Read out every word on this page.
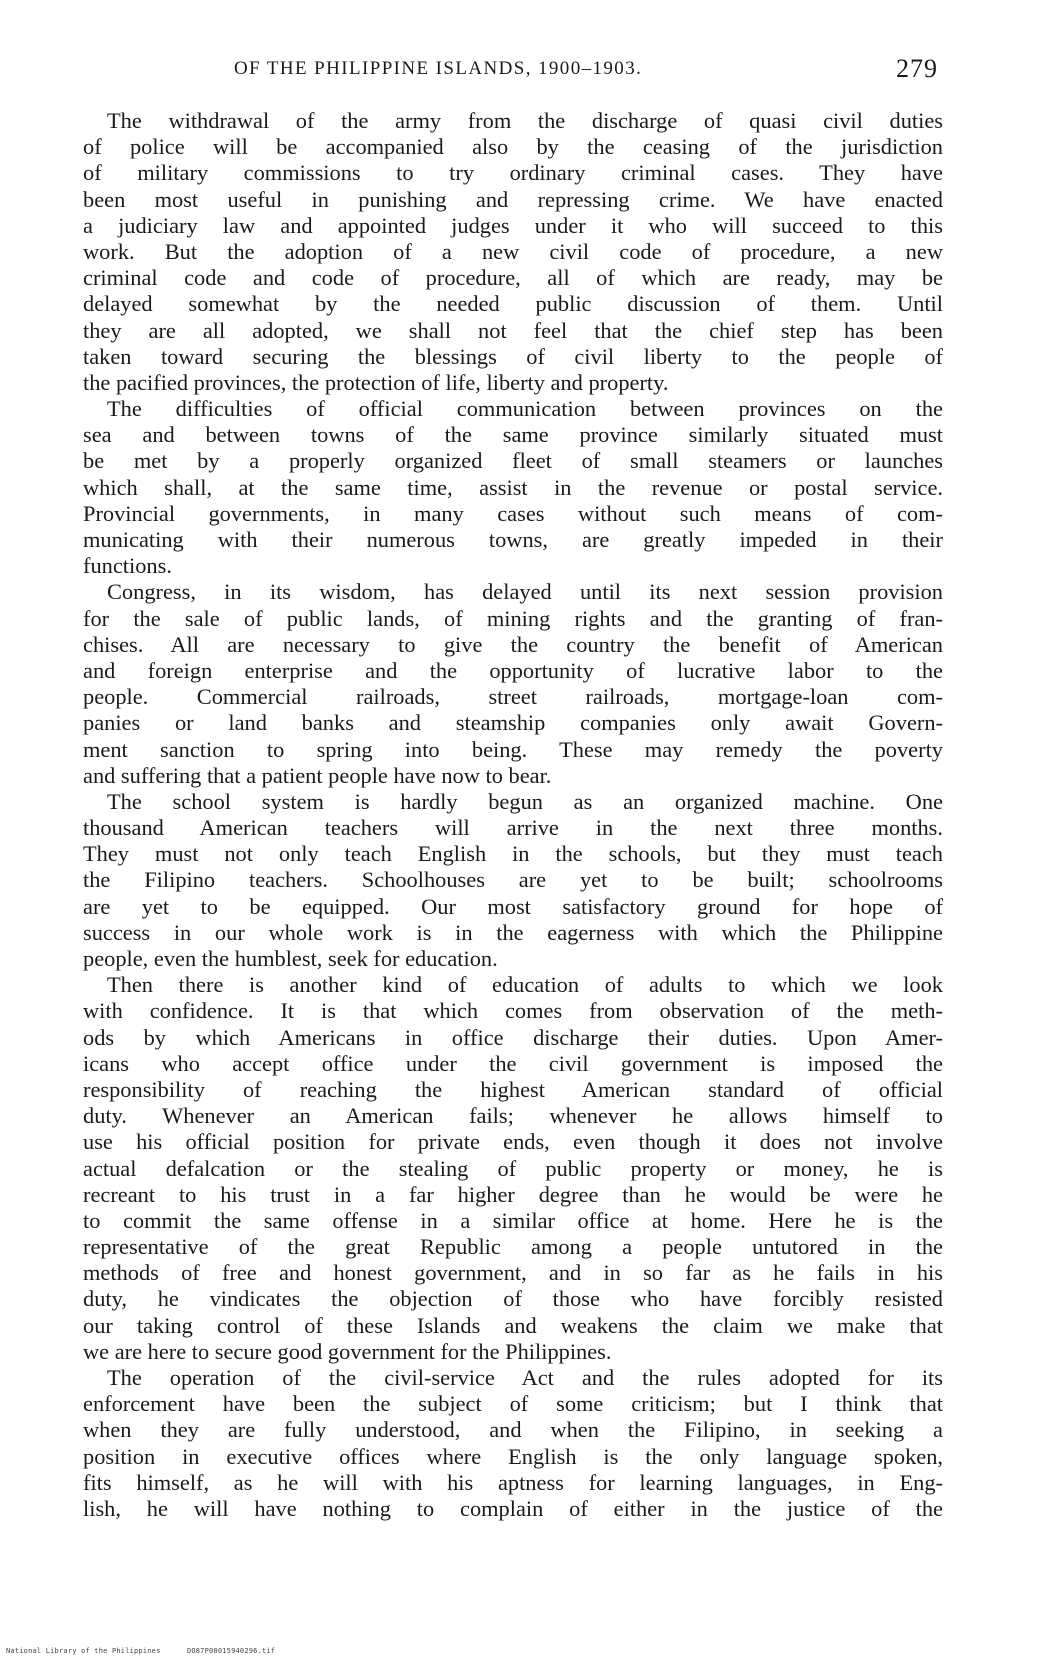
OF THE PHILIPPINE ISLANDS, 1900–1903.	279
The withdrawal of the army from the discharge of quasi civil duties
of police will be accompanied also by the ceasing of the jurisdiction
of military commissions to try ordinary criminal cases. They have
been most useful in punishing and repressing crime. We have enacted
a judiciary law and appointed judges under it who will succeed to this
work. But the adoption of a new civil code of procedure, a new
criminal code and code of procedure, all of which are ready, may be
delayed somewhat by the needed public discussion of them. Until
they are all adopted, we shall not feel that the chief step has been
taken toward securing the blessings of civil liberty to the people of
the pacified provinces, the protection of life, liberty and property.
The difficulties of official communication between provinces on the
sea and between towns of the same province similarly situated must
be met by a properly organized fleet of small steamers or launches
which shall, at the same time, assist in the revenue or postal service.
Provincial governments, in many cases without such means of com-
municating with their numerous towns, are greatly impeded in their
functions.
Congress, in its wisdom, has delayed until its next session provision
for the sale of public lands, of mining rights and the granting of fran-
chises. All are necessary to give the country the benefit of American
and foreign enterprise and the opportunity of lucrative labor to the
people. Commercial railroads, street railroads, mortgage-loan com-
panies or land banks and steamship companies only await Govern-
ment sanction to spring into being. These may remedy the poverty
and suffering that a patient people have now to bear.
The school system is hardly begun as an organized machine. One
thousand American teachers will arrive in the next three months.
They must not only teach English in the schools, but they must teach
the Filipino teachers. Schoolhouses are yet to be built; schoolrooms
are yet to be equipped. Our most satisfactory ground for hope of
success in our whole work is in the eagerness with which the Philippine
people, even the humblest, seek for education.
Then there is another kind of education of adults to which we look
with confidence. It is that which comes from observation of the meth-
ods by which Americans in office discharge their duties. Upon Amer-
icans who accept office under the civil government is imposed the
responsibility of reaching the highest American standard of official
duty. Whenever an American fails; whenever he allows himself to
use his official position for private ends, even though it does not involve
actual defalcation or the stealing of public property or money, he is
recreant to his trust in a far higher degree than he would be were he
to commit the same offense in a similar office at home. Here he is the
representative of the great Republic among a people untutored in the
methods of free and honest government, and in so far as he fails in his
duty, he vindicates the objection of those who have forcibly resisted
our taking control of these Islands and weakens the claim we make that
we are here to secure good government for the Philippines.
The operation of the civil-service Act and the rules adopted for its
enforcement have been the subject of some criticism; but I think that
when they are fully understood, and when the Filipino, in seeking a
position in executive offices where English is the only language spoken,
fits himself, as he will with his aptness for learning languages, in Eng-
lish, he will have nothing to complain of either in the justice of the
National Library of the Philippines	DO87P00015940296.tif
